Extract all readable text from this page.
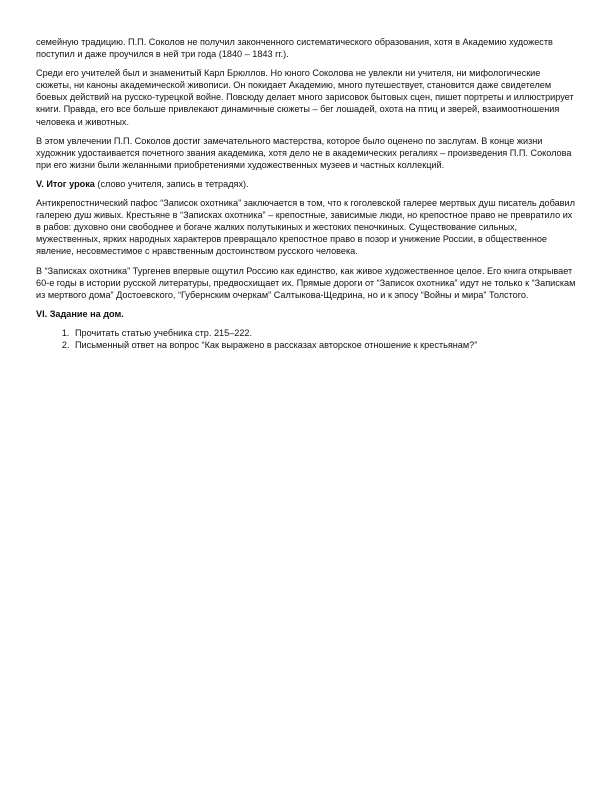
семейную традицию. П.П. Соколов не получил законченного систематического образования, хотя в Академию художеств поступил и даже проучился в ней три года (1840 – 1843 гг.).

Среди его учителей был и знаменитый Карл Брюллов. Но юного Соколова не увлекли ни учителя, ни мифологические сюжеты, ни каноны академической живописи. Он покидает Академию, много путешествует, становится даже свидетелем боевых действий на русско-турецкой войне. Повсюду делает много зарисовок бытовых сцен, пишет портреты и иллюстрирует книги. Правда, его все больше привлекают динамичные сюжеты – бег лошадей, охота на птиц и зверей, взаимоотношения человека и животных.

В этом увлечении П.П. Соколов достиг замечательного мастерства, которое было оценено по заслугам. В конце жизни художник удостаивается почетного звания академика, хотя дело не в академических регалиях – произведения П.П. Соколова при его жизни были желанными приобретениями художественных музеев и частных коллекций.

V. Итог урока (слово учителя, запись в тетрадях).

Антикрепостнический пафос “Записок охотника” заключается в том, что к гоголевской галерее мертвых душ писатель добавил галерею душ живых. Крестьяне в “Записках охотника” – крепостные, зависимые люди, но крепостное право не превратило их в рабов: духовно они свободнее и богаче жалких полутыкиных и жестоких пеночкиных. Существование сильных, мужественных, ярких народных характеров превращало крепостное право в позор и унижение России, в общественное явление, несовместимое с нравственным достоинством русского человека.

В “Записках охотника” Тургенев впервые ощутил Россию как единство, как живое художественное целое. Его книга открывает 60-е годы в истории русской литературы, предвосхищает их. Прямые дороги от “Записок охотника” идут не только к “Запискам из мертвого дома” Достоевского, “Губернским очеркам” Салтыкова-Щедрина, но и к эпосу “Войны и мира” Толстого.

VI. Задание на дом.

1. Прочитать статью учебника стр. 215–222.
2. Письменный ответ на вопрос “Как выражено в рассказах авторское отношение к крестьянам?”
